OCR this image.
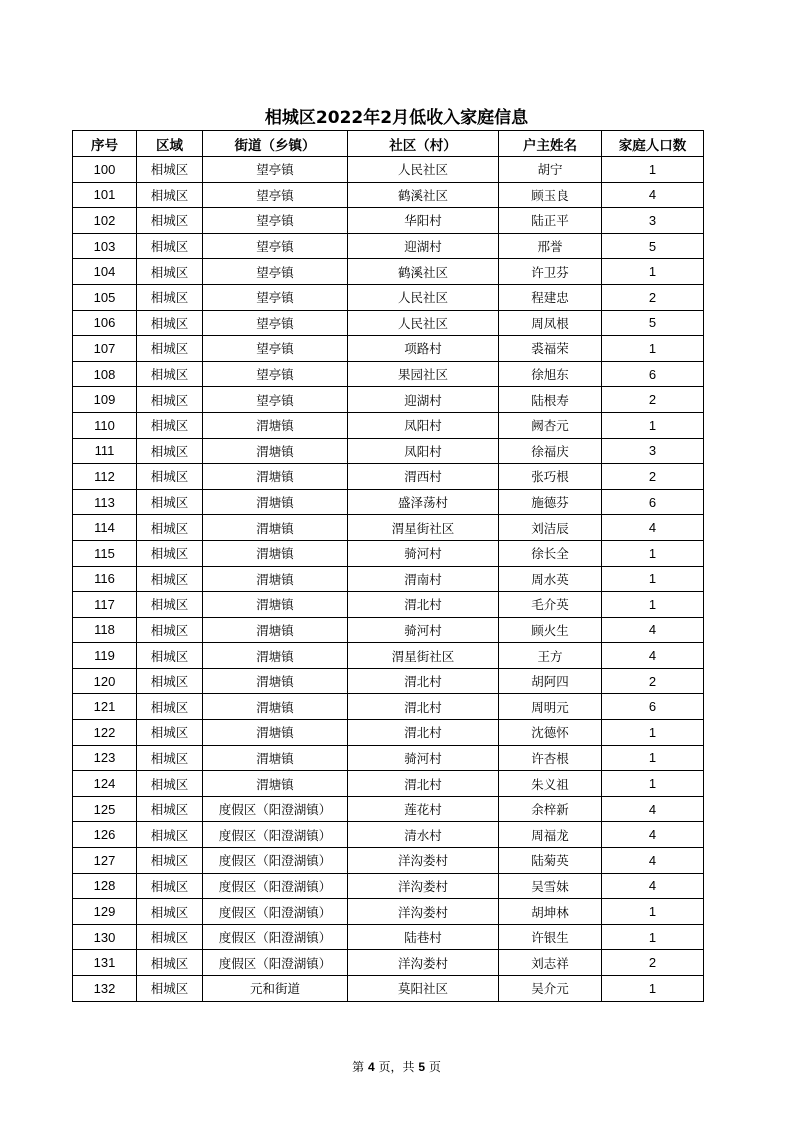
相城区2022年2月低收入家庭信息
序号	区域	街道（乡镇）	社区（村）	户主姓名	家庭人口数
100	相城区	望亭镇	人民社区	胡宁	1
101	相城区	望亭镇	鹤溪社区	顾玉良	4
102	相城区	望亭镇	华阳村	陆正平	3
103	相城区	望亭镇	迎湖村	邢誉	5
104	相城区	望亭镇	鹤溪社区	许卫芬	1
105	相城区	望亭镇	人民社区	程建忠	2
106	相城区	望亭镇	人民社区	周凤根	5
107	相城区	望亭镇	项路村	裘福荣	1
108	相城区	望亭镇	果园社区	徐旭东	6
109	相城区	望亭镇	迎湖村	陆根寿	2
110	相城区	渭塘镇	凤阳村	阙杏元	1
111	相城区	渭塘镇	凤阳村	徐福庆	3
112	相城区	渭塘镇	渭西村	张巧根	2
113	相城区	渭塘镇	盛泽荡村	施德芬	6
114	相城区	渭塘镇	渭星街社区	刘洁辰	4
115	相城区	渭塘镇	骑河村	徐长全	1
116	相城区	渭塘镇	渭南村	周水英	1
117	相城区	渭塘镇	渭北村	毛介英	1
118	相城区	渭塘镇	骑河村	顾火生	4
119	相城区	渭塘镇	渭星街社区	王方	4
120	相城区	渭塘镇	渭北村	胡阿四	2
121	相城区	渭塘镇	渭北村	周明元	6
122	相城区	渭塘镇	渭北村	沈德怀	1
123	相城区	渭塘镇	骑河村	许杏根	1
124	相城区	渭塘镇	渭北村	朱义祖	1
125	相城区	度假区（阳澄湖镇）	莲花村	余梓新	4
126	相城区	度假区（阳澄湖镇）	清水村	周福龙	4
127	相城区	度假区（阳澄湖镇）	洋沟娄村	陆菊英	4
128	相城区	度假区（阳澄湖镇）	洋沟娄村	吴雪妹	4
129	相城区	度假区（阳澄湖镇）	洋沟娄村	胡坤林	1
130	相城区	度假区（阳澄湖镇）	陆巷村	许银生	1
131	相城区	度假区（阳澄湖镇）	洋沟娄村	刘志祥	2
132	相城区	元和街道	莫阳社区	吴介元	1
第 4 页，共 5 页
